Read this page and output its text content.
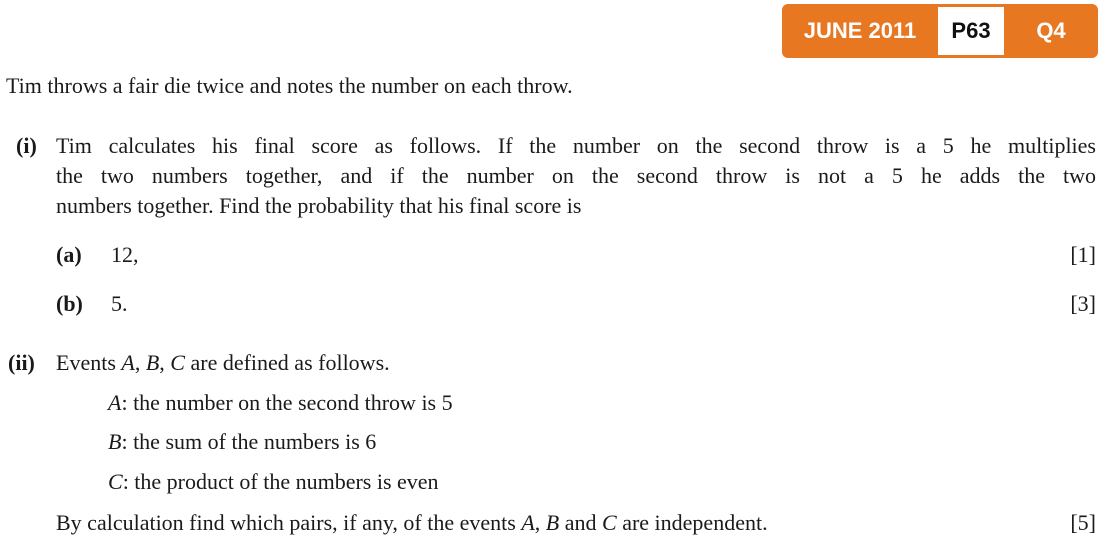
JUNE 2011	P63	Q4
Tim throws a fair die twice and notes the number on each throw.
(i) Tim calculates his final score as follows. If the number on the second throw is a 5 he multiplies
the two numbers together, and if the number on the second throw is not a 5 he adds the two
numbers together. Find the probability that his final score is
(a) 12,	[1]
(b) 5.	[3]
(ii) Events A, B, C are defined as follows.
A: the number on the second throw is 5
B: the sum of the numbers is 6
C: the product of the numbers is even
By calculation find which pairs, if any, of the events A, B and C are independent.	[5]
